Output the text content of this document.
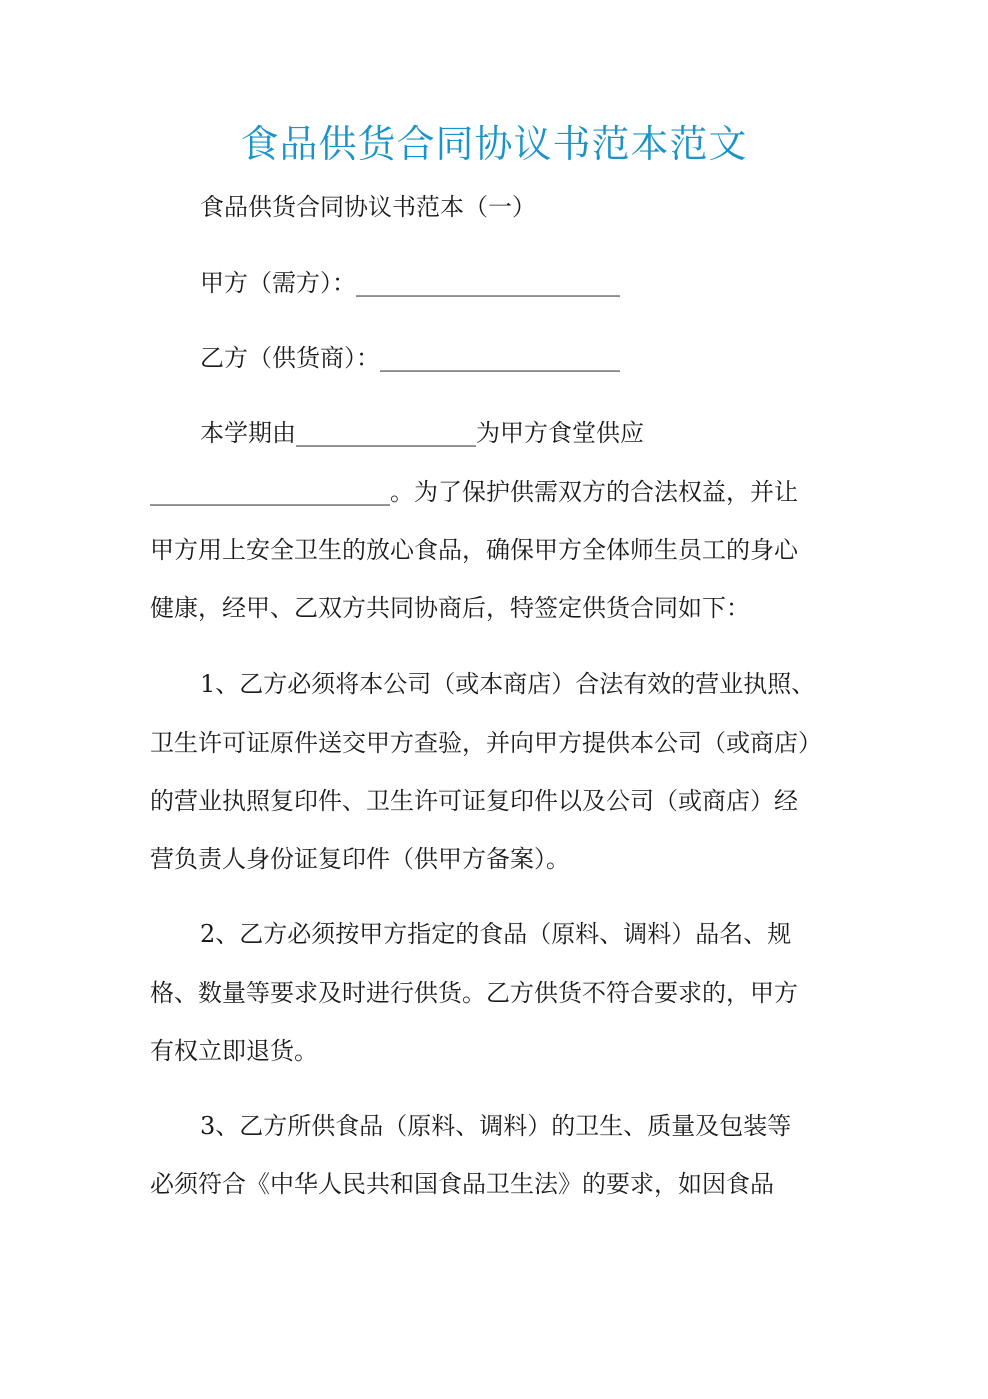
食品供货合同协议书范本范文
食品供货合同协议书范本（一）
甲方（需方）：______________________
乙方（供货商）：____________________
本学期由_______________为甲方食堂供应
____________________。为了保护供需双方的合法权益，并让
甲方用上安全卫生的放心食品，确保甲方全体师生员工的身心
健康，经甲、乙双方共同协商后，特签定供货合同如下：
1、乙方必须将本公司（或本商店）合法有效的营业执照、
卫生许可证原件送交甲方查验，并向甲方提供本公司（或商店）
的营业执照复印件、卫生许可证复印件以及公司（或商店）经
营负责人身份证复印件（供甲方备案）。
2、乙方必须按甲方指定的食品（原料、调料）品名、规
格、数量等要求及时进行供货。乙方供货不符合要求的，甲方
有权立即退货。
3、乙方所供食品（原料、调料）的卫生、质量及包装等
必须符合《中华人民共和国食品卫生法》的要求，如因食品
